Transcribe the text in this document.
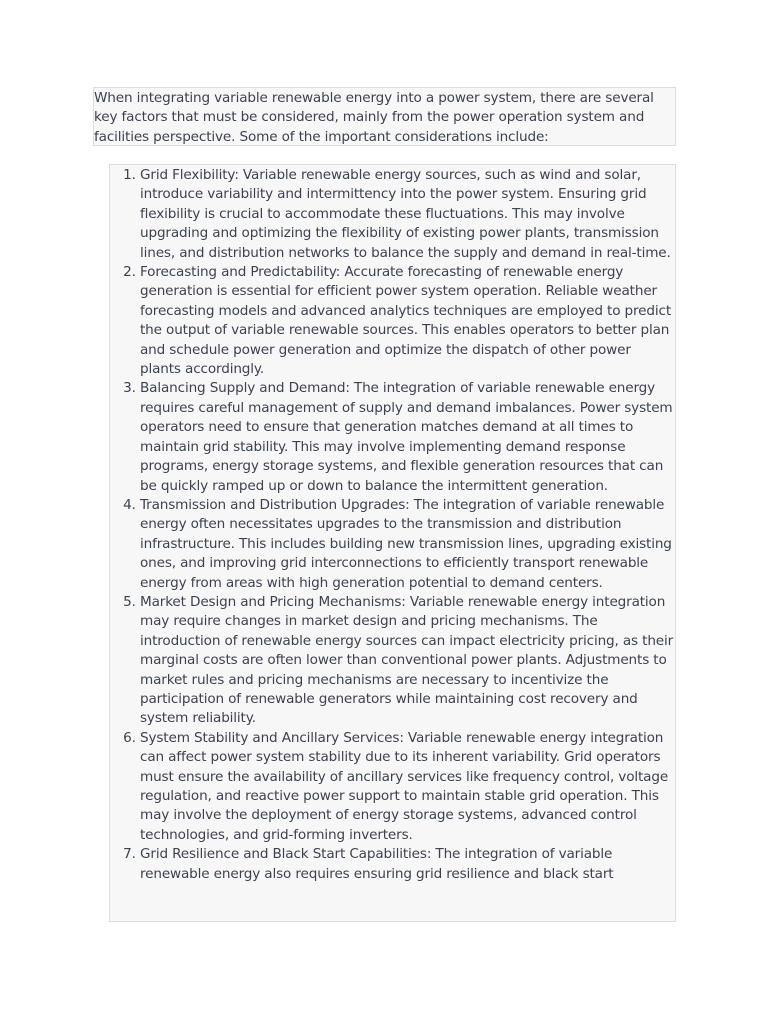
When integrating variable renewable energy into a power system, there are several key factors that must be considered, mainly from the power operation system and facilities perspective. Some of the important considerations include:

1. Grid Flexibility: Variable renewable energy sources, such as wind and solar, introduce variability and intermittency into the power system. Ensuring grid flexibility is crucial to accommodate these fluctuations. This may involve upgrading and optimizing the flexibility of existing power plants, transmission lines, and distribution networks to balance the supply and demand in real-time.
2. Forecasting and Predictability: Accurate forecasting of renewable energy generation is essential for efficient power system operation. Reliable weather forecasting models and advanced analytics techniques are employed to predict the output of variable renewable sources. This enables operators to better plan and schedule power generation and optimize the dispatch of other power plants accordingly.
3. Balancing Supply and Demand: The integration of variable renewable energy requires careful management of supply and demand imbalances. Power system operators need to ensure that generation matches demand at all times to maintain grid stability. This may involve implementing demand response programs, energy storage systems, and flexible generation resources that can be quickly ramped up or down to balance the intermittent generation.
4. Transmission and Distribution Upgrades: The integration of variable renewable energy often necessitates upgrades to the transmission and distribution infrastructure. This includes building new transmission lines, upgrading existing ones, and improving grid interconnections to efficiently transport renewable energy from areas with high generation potential to demand centers.
5. Market Design and Pricing Mechanisms: Variable renewable energy integration may require changes in market design and pricing mechanisms. The introduction of renewable energy sources can impact electricity pricing, as their marginal costs are often lower than conventional power plants. Adjustments to market rules and pricing mechanisms are necessary to incentivize the participation of renewable generators while maintaining cost recovery and system reliability.
6. System Stability and Ancillary Services: Variable renewable energy integration can affect power system stability due to its inherent variability. Grid operators must ensure the availability of ancillary services like frequency control, voltage regulation, and reactive power support to maintain stable grid operation. This may involve the deployment of energy storage systems, advanced control technologies, and grid-forming inverters.
7. Grid Resilience and Black Start Capabilities: The integration of variable renewable energy also requires ensuring grid resilience and black start
